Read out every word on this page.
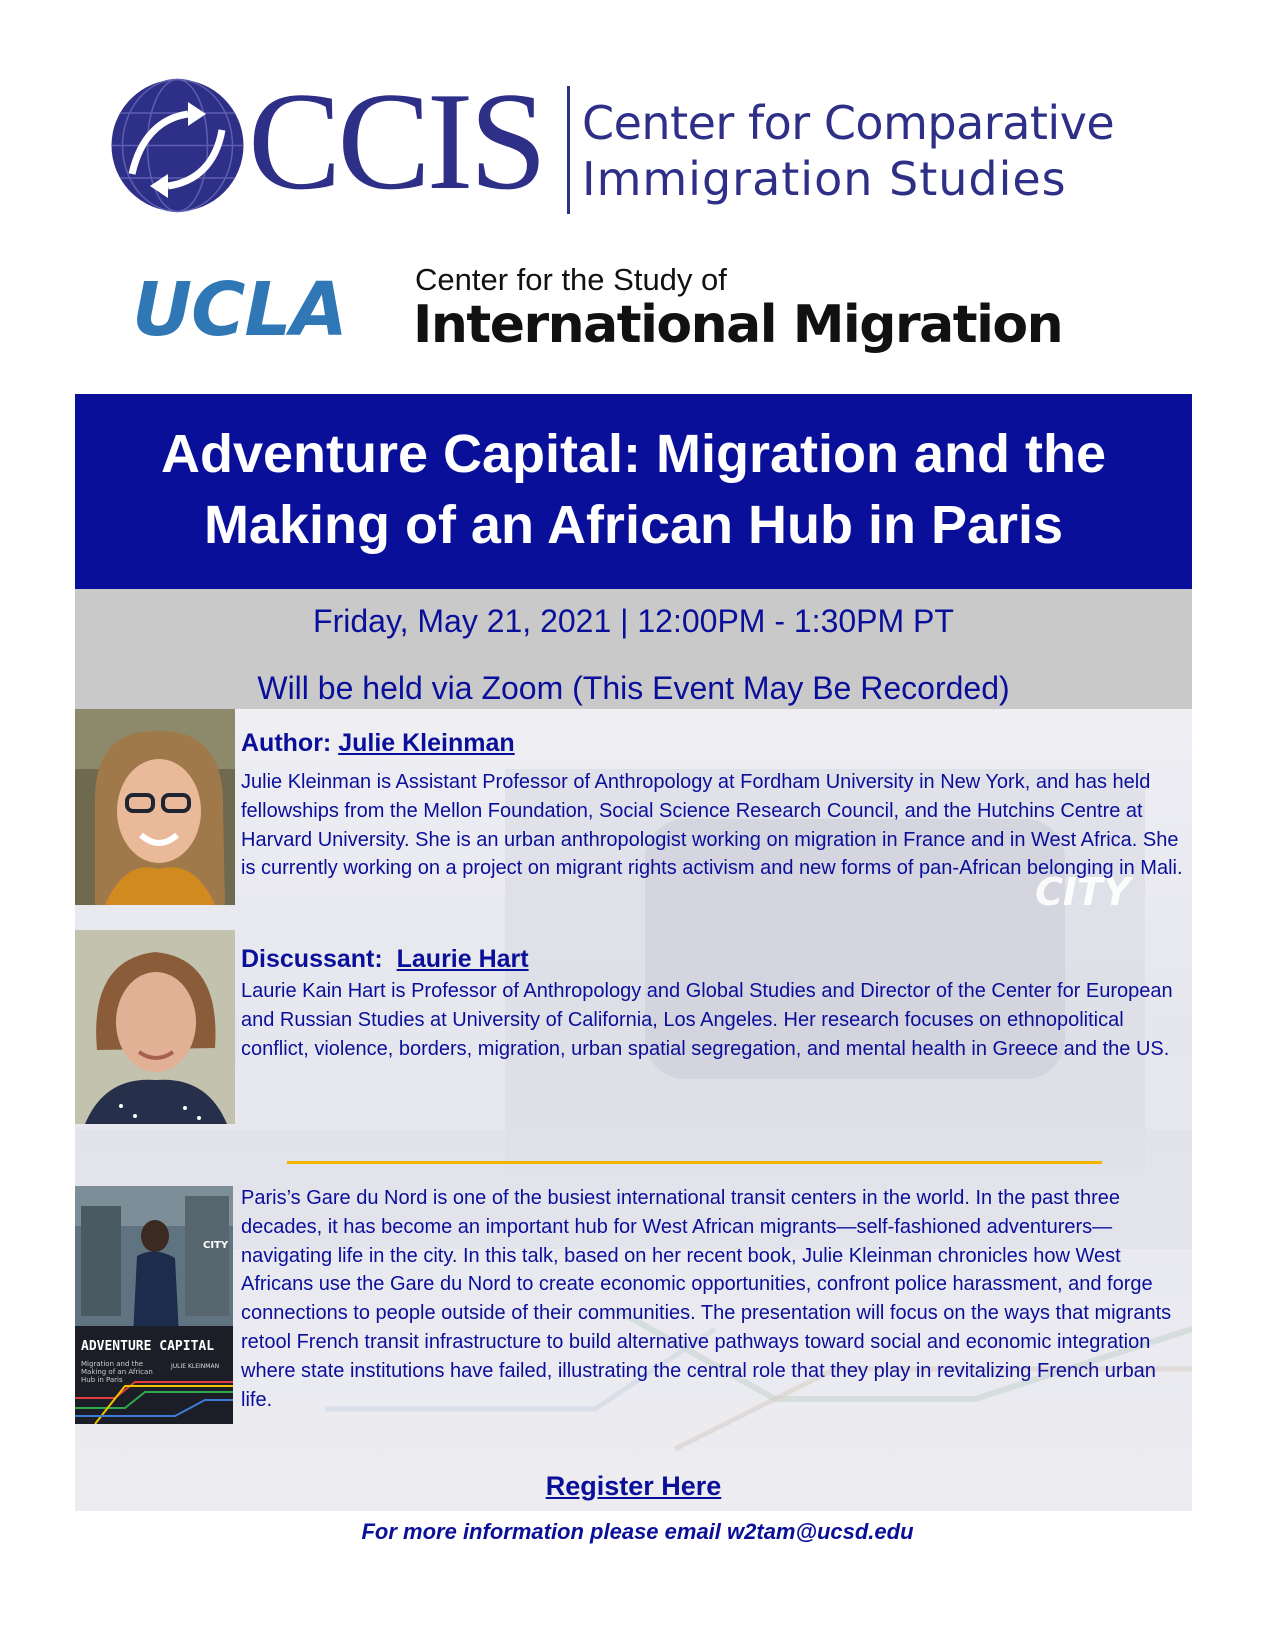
CCIS Center for Comparative
Immigration Studies
UCLA Center for the Study of
International Migration
Adventure Capital: Migration and the
Making of an African Hub in Paris
Friday, May 21, 2021 | 12:00PM - 1:30PM PT
CITY
Will be held via Zoom (This Event May Be Recorded)
Author: Julie Kleinman

Julie Kleinman is Assistant Professor of Anthropology at Fordham University in New York, and has held fellowships from the Mellon Foundation, Social Science Research Council, and the Hutchins Centre at Harvard University. She is an urban anthropologist working on migration in France and in West Africa. She is currently working on a project on migrant rights activism and new forms of pan-African belonging in Mali.

Discussant: Laurie Hart

Laurie Kain Hart is Professor of Anthropology and Global Studies and Director of the Center for European and Russian Studies at University of California, Los Angeles. Her research focuses on ethnopolitical conflict, violence, borders, migration, urban spatial segregation, and mental health in Greece and the US.

CITY
ADVENTURE CAPITAL
Migration and the Making of an African Hub in Paris
JULIE KLEINMAN

Paris’s Gare du Nord is one of the busiest international transit centers in the world. In the past three decades, it has become an important hub for West African migrants—self-fashioned adventurers—navigating life in the city. In this talk, based on her recent book, Julie Kleinman chronicles how West Africans use the Gare du Nord to create economic opportunities, confront police harassment, and forge connections to people outside of their communities. The presentation will focus on the ways that migrants retool French transit infrastructure to build alternative pathways toward social and economic integration where state institutions have failed, illustrating the central role that they play in revitalizing French urban life.

Register Here
For more information please email w2tam@ucsd.edu
